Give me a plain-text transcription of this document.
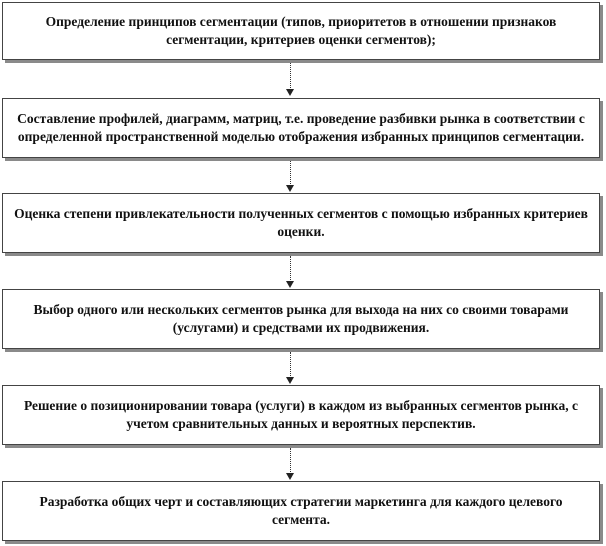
Определение принципов сегментации (типов, приоритетов в отношении признаков сегментации, критериев оценки сегментов);
Составление профилей, диаграмм, матриц, т.е. проведение разбивки рынка в соответствии с определенной пространственной моделью отображения избранных принципов сегментации.
Оценка степени привлекательности полученных сегментов с помощью избранных критериев оценки.
Выбор одного или нескольких сегментов рынка для выхода на них со своими товарами (услугами) и средствами их продвижения.
Решение о позиционировании товара (услуги) в каждом из выбранных сегментов рынка, с учетом сравнительных данных и вероятных перспектив.
Разработка общих черт и составляющих стратегии маркетинга для каждого целевого сегмента.
